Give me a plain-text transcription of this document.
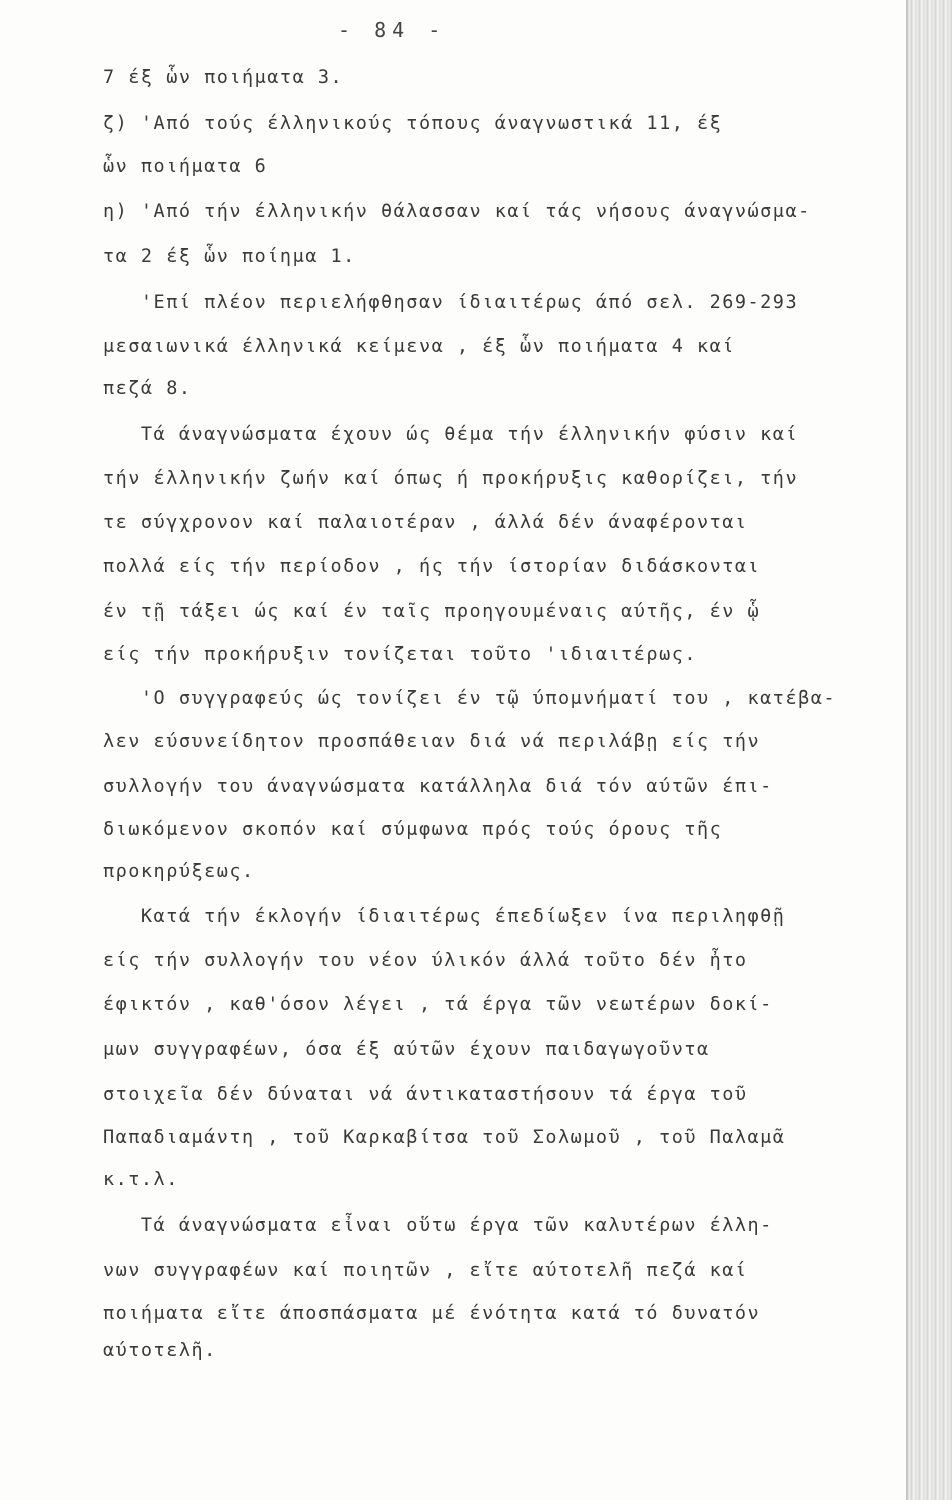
- 84 -
7 έξ ὧν ποιήματα 3.
ζ) 'Από τούς έλληνικούς τόπους άναγνωστικά 11, έξ
ὧν ποιήματα 6
η) 'Από τήν έλληνικήν θάλασσαν καί τάς νήσους άναγνώσμα-
τα 2 έξ ὧν ποίημα 1.
'Επί πλέον περιελήφθησαν ίδιαιτέρως άπό σελ. 269-293
μεσαιωνικά έλληνικά κείμενα , έξ ὧν ποιήματα 4 καί
πεζά 8.
Τά άναγνώσματα έχουν ώς θέμα τήν έλληνικήν φύσιν καί
τήν έλληνικήν ζωήν καί όπως ή προκήρυξις καθορίζει, τήν
τε σύγχρονον καί παλαιοτέραν , άλλά δέν άναφέρονται
πολλά είς τήν περίοδον , ής τήν ίστορίαν διδάσκονται
έν τῇ τάξει ώς καί έν ταῖς προηγουμέναις αύτῆς, έν ᾧ
είς τήν προκήρυξιν τονίζεται τοῦτο 'ιδιαιτέρως.
'Ο συγγραφεύς ώς τονίζει έν τῷ ύπομνήματί του , κατέβα-
λεν εύσυνείδητον προσπάθειαν διά νά περιλάβῃ είς τήν
συλλογήν του άναγνώσματα κατάλληλα διά τόν αύτῶν έπι-
διωκόμενον σκοπόν καί σύμφωνα πρός τούς όρους τῆς
προκηρύξεως.
Κατά τήν έκλογήν ίδιαιτέρως έπεδίωξεν ίνα περιληφθῇ
είς τήν συλλογήν του νέον ύλικόν άλλά τοῦτο δέν ἦτο
έφικτόν , καθ'όσον λέγει , τά έργα τῶν νεωτέρων δοκί-
μων συγγραφέων, όσα έξ αύτῶν έχουν παιδαγωγοῦντα
στοιχεῖα δέν δύναται νά άντικαταστήσουν τά έργα τοῦ
Παπαδιαμάντη , τοῦ Καρκαβίτσα τοῦ Σολωμοῦ , τοῦ Παλαμᾶ
κ.τ.λ.
Τά άναγνώσματα εἶναι οὕτω έργα τῶν καλυτέρων έλλη-
νων συγγραφέων καί ποιητῶν , εἴτε αύτοτελῆ πεζά καί
ποιήματα εἴτε άποσπάσματα μέ ένότητα κατά τό δυνατόν
αύτοτελῆ.
